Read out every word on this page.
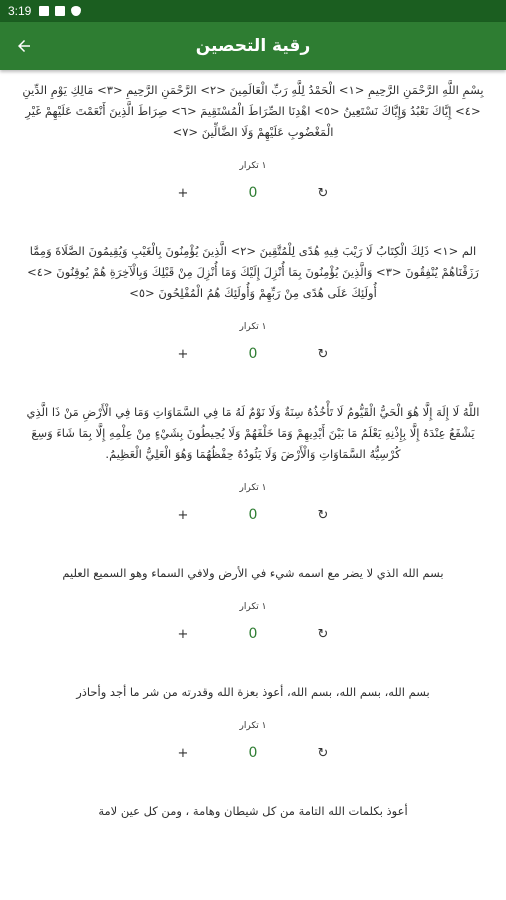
3:19
رقية التحصين

بِسْمِ اللَّهِ الرَّحْمَنِ الرَّحِيمِ <١> الْحَمْدُ لِلَّهِ رَبِّ الْعَالَمِينَ <٢> الرَّحْمَنِ الرَّحِيمِ <٣> مَالِكِ يَوْمِ الدِّينِ <٤> إِيَّاكَ نَعْبُدُ وَإِيَّاكَ نَسْتَعِينُ <٥> اهْدِنَا الصِّرَاطَ الْمُسْتَقِيمَ <٦> صِرَاطَ الَّذِينَ أَنْعَمْتَ عَلَيْهِمْ غَيْرِ الْمَغْضُوبِ عَلَيْهِمْ وَلَا الضَّالِّينَ <٧>

١ تكرار
+	0	↻

الم <١> ذَلِكَ الْكِتَابُ لَا رَيْبَ فِيهِ هُدًى لِلْمُتَّقِينَ <٢> الَّذِينَ يُؤْمِنُونَ بِالْغَيْبِ وَيُقِيمُونَ الصَّلَاةَ وَمِمَّا رَزَقْنَاهُمْ يُنْفِقُونَ <٣> وَالَّذِينَ يُؤْمِنُونَ بِمَا أُنْزِلَ إِلَيْكَ وَمَا أُنْزِلَ مِنْ قَبْلِكَ وَبِالْآخِرَةِ هُمْ يُوقِنُونَ <٤> أُولَئِكَ عَلَى هُدًى مِنْ رَبِّهِمْ وَأُولَئِكَ هُمُ الْمُفْلِحُونَ <٥>

١ تكرار
+	0	↻

اللَّهُ لَا إِلَهَ إِلَّا هُوَ الْحَيُّ الْقَيُّومُ لَا تَأْخُذُهُ سِنَةٌ وَلَا نَوْمٌ لَهُ مَا فِي السَّمَاوَاتِ وَمَا فِي الْأَرْضِ مَنْ ذَا الَّذِي يَشْفَعُ عِنْدَهُ إِلَّا بِإِذْنِهِ يَعْلَمُ مَا بَيْنَ أَيْدِيهِمْ وَمَا خَلْفَهُمْ وَلَا يُحِيطُونَ بِشَيْءٍ مِنْ عِلْمِهِ إِلَّا بِمَا شَاءَ وَسِعَ كُرْسِيُّهُ السَّمَاوَاتِ وَالْأَرْضَ وَلَا يَئُودُهُ حِفْظُهُمَا وَهُوَ الْعَلِيُّ الْعَظِيمُ.

١ تكرار
+	0	↻

بسم الله الذي لا يضر مع اسمه شيء في الأرض ولافي السماء وهو السميع العليم

١ تكرار
+	0	↻

بسم الله، بسم الله، بسم الله، أعوذ بعزة الله وقدرته من شر ما أجد وأحاذر

١ تكرار
+	0	↻

أعوذ بكلمات الله التامة من كل شيطان وهامة ، ومن كل عين لامة
